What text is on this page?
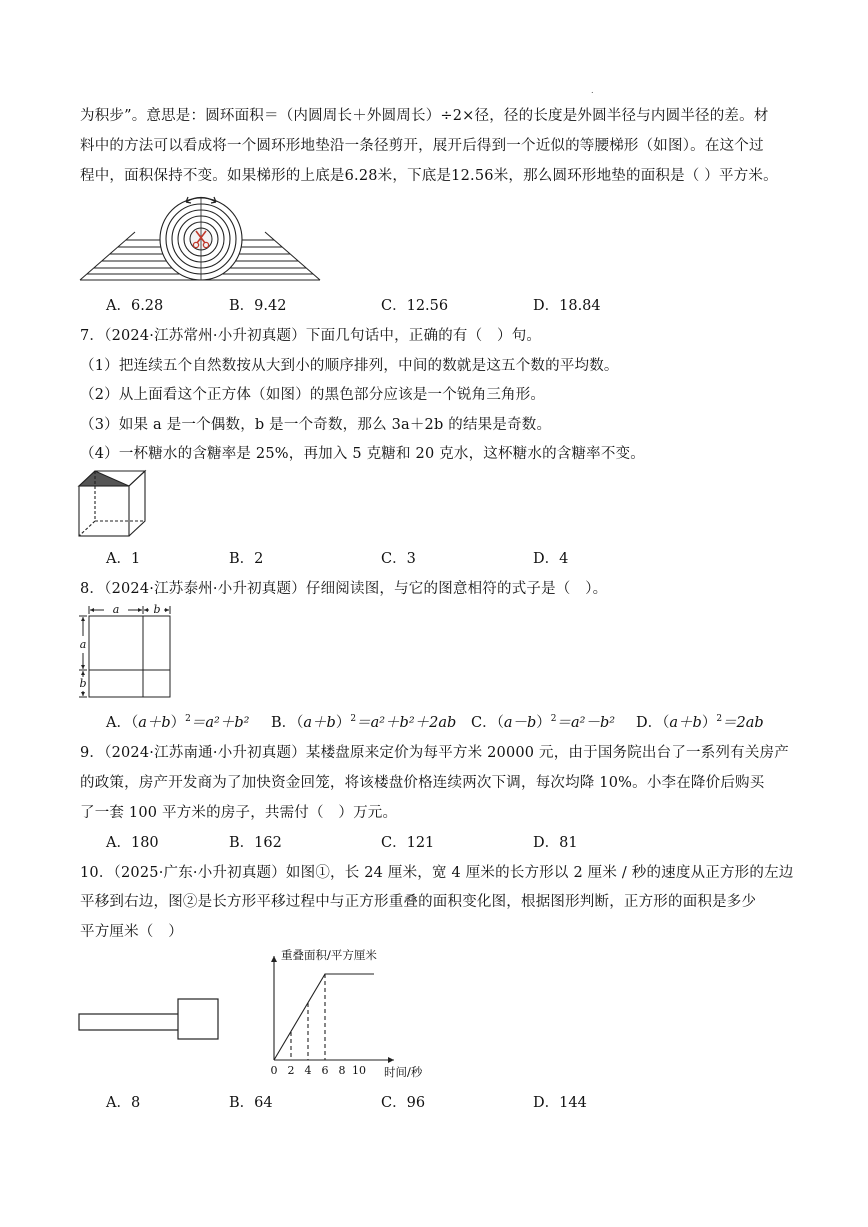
.
为积步”。意思是：圆环面积＝（内圆周长＋外圆周长）÷2×径，径的长度是外圆半径与内圆半径的差。材
料中的方法可以看成将一个圆环形地垫沿一条径剪开，展开后得到一个近似的等腰梯形（如图）。在这个过
程中，面积保持不变。如果梯形的上底是6.28米，下底是12.56米，那么圆环形地垫的面积是（ ）平方米。
A．6.28	B．9.42	C．12.56	D．18.84
7．（2024·江苏常州·小升初真题）下面几句话中，正确的有（　）句。
（1）把连续五个自然数按从大到小的顺序排列，中间的数就是这五个数的平均数。
（2）从上面看这个正方体（如图）的黑色部分应该是一个锐角三角形。
（3）如果 a 是一个偶数，b 是一个奇数，那么 3a＋2b 的结果是奇数。
（4）一杯糖水的含糖率是 25%，再加入 5 克糖和 20 克水，这杯糖水的含糖率不变。
A．1	B．2	C．3	D．4
8．（2024·江苏泰州·小升初真题）仔细阅读图，与它的图意相符的式子是（　）。
a	b
a
b
A．$(a+b)^2=a^2+b^2$ B．$(a+b)^2=a^2+b^2+2ab$ C．$(a-b)^2=a^2-b^2$ D．$(a+b)^2=2ab$
9．（2024·江苏南通·小升初真题）某楼盘原来定价为每平方米 20000 元，由于国务院出台了一系列有关房产
的政策，房产开发商为了加快资金回笼，将该楼盘价格连续两次下调，每次均降 10%。小李在降价后购买
了一套 100 平方米的房子，共需付（　）万元。
A．180	B．162	C．121	D．81
10．（2025·广东·小升初真题）如图①，长 24 厘米，宽 4 厘米的长方形以 2 厘米 / 秒的速度从正方形的左边
平移到右边，图②是长方形平移过程中与正方形重叠的面积变化图，根据图形判断，正方形的面积是多少
平方厘米（　）
重叠面积/平方厘米
时间/秒
0 2 4 6 8 10
A．8	B．64	C．96	D．144
